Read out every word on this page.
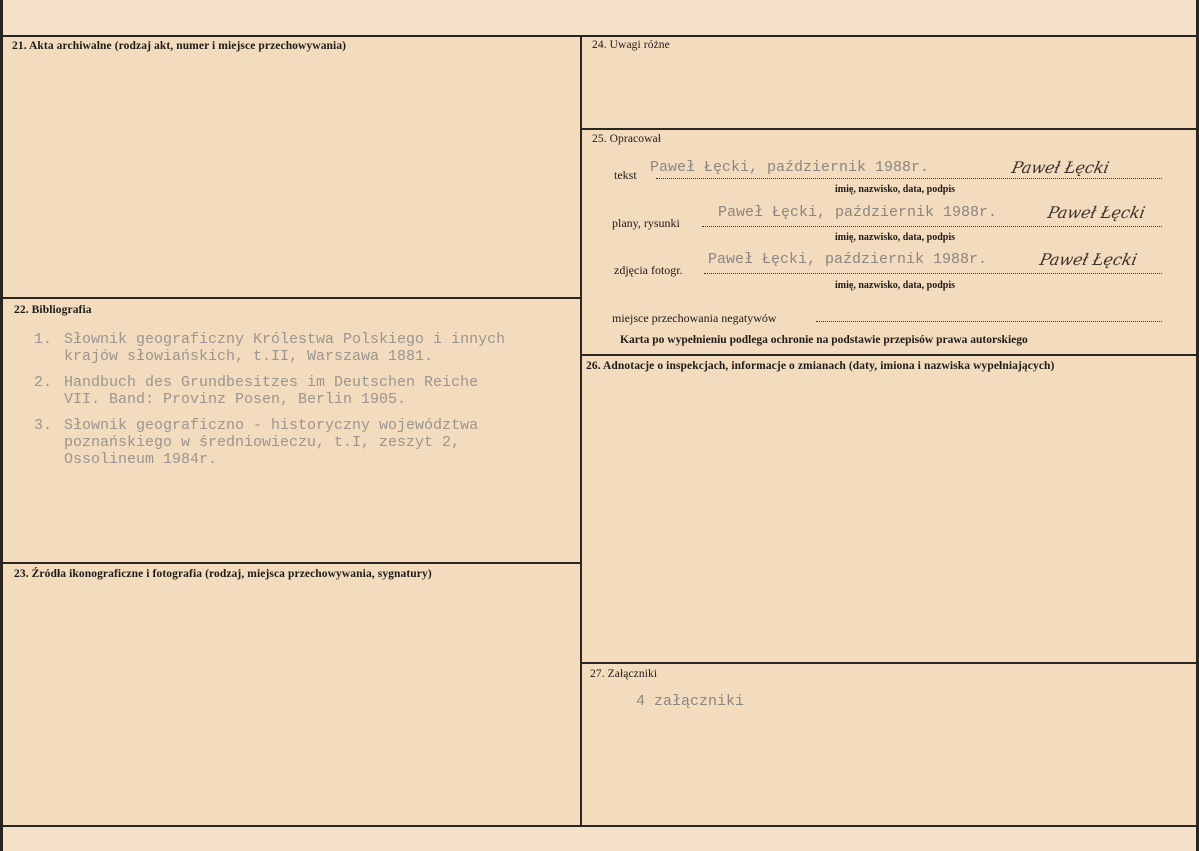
21. Akta archiwalne (rodzaj akt, numer i miejsce przechowywania)
22. Bibliografia
1. Słownik geograficzny Królestwa Polskiego i innych
krajów słowiańskich, t.II, Warszawa 1881.
2. Handbuch des Grundbesitzes im Deutschen Reiche
VII. Band: Provinz Posen, Berlin 1905.
3. Słownik geograficzno - historyczny województwa
poznańskiego w średniowieczu, t.I, zeszyt 2,
Ossolineum 1984r.
23. Źródła ikonograficzne i fotografia (rodzaj, miejsca przechowywania, sygnatury)
24. Uwagi różne
25. Opracował
tekst Paweł Łęcki, październik 1988r.	Paweł Łęcki
imię, nazwisko, data, podpis
plany, rysunki
Paweł Łęcki, październik 1988r.	Paweł Łęcki
imię, nazwisko, data, podpis
zdjęcia fotogr.
Paweł Łęcki, październik 1988r.	Paweł Łęcki
imię, nazwisko, data, podpis
miejsce przechowania negatywów
Karta po wypełnieniu podlega ochronie na podstawie przepisów prawa autorskiego
26. Adnotacje o inspekcjach, informacje o zmianach (daty, imiona i nazwiska wypełniających)
27. Załączniki
4 załączniki
